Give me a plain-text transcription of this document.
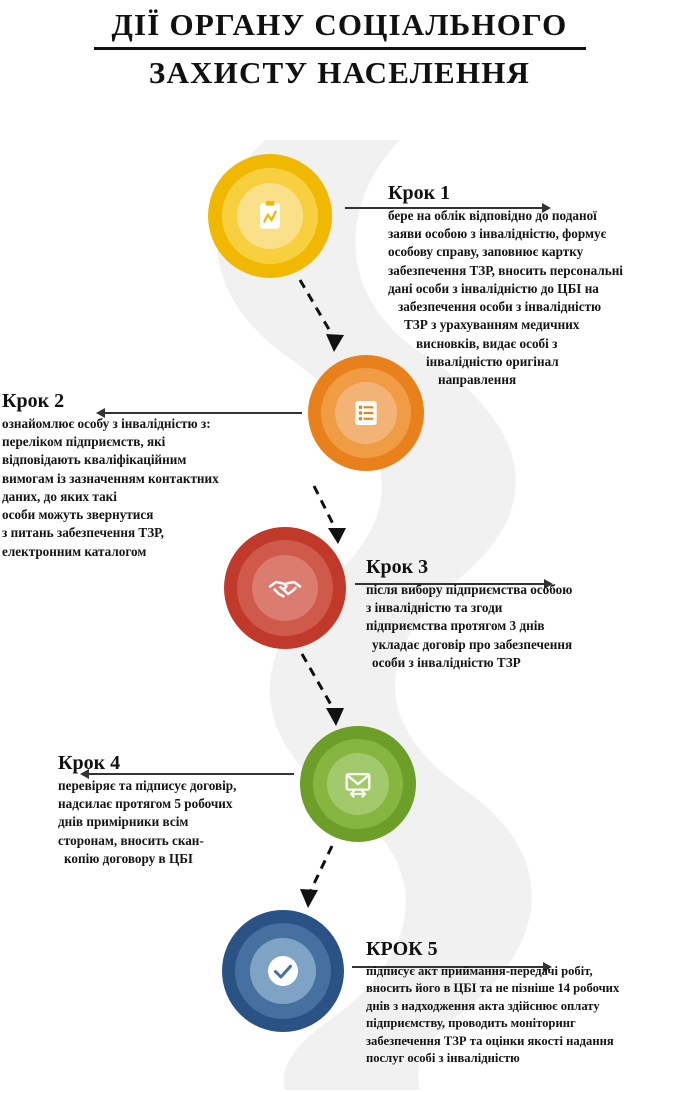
ДІЇ ОРГАНУ СОЦІАЛЬНОГО
ЗАХИСТУ НАСЕЛЕННЯ
Крок 1
бере на облік відповідно до поданої
заяви особою з інвалідністю, формує
особову справу, заповнює картку
забезпечення ТЗР, вносить персональні
дані особи з інвалідністю до ЦБІ на
забезпечення особи з інвалідністю
ТЗР з урахуванням медичних
висновків, видає особі з
інвалідністю оригінал
направлення
Крок 2
ознайомлює особу з інвалідністю з:
переліком підприємств, які
відповідають кваліфікаційним
вимогам із зазначенням контактних
даних, до яких такі
особи можуть звернутися
з питань забезпечення ТЗР,
електронним каталогом
Крок 3
після вибору підприємства особою
з інвалідністю та згоди
підприємства протягом 3 днів
укладає договір про забезпечення
особи з інвалідністю ТЗР
Крок 4
перевіряє та підписує договір,
надсилає протягом 5 робочих
днів примірники всім
сторонам, вносить скан-
копію договору в ЦБІ
КРОК 5
підписує акт приймання-передачі робіт,
вносить його в ЦБІ та не пізніше 14 робочих
днів з надходження акта здійснює оплату
підприємству, проводить моніторинг
забезпечення ТЗР та оцінки якості надання
послуг особі з інвалідністю
